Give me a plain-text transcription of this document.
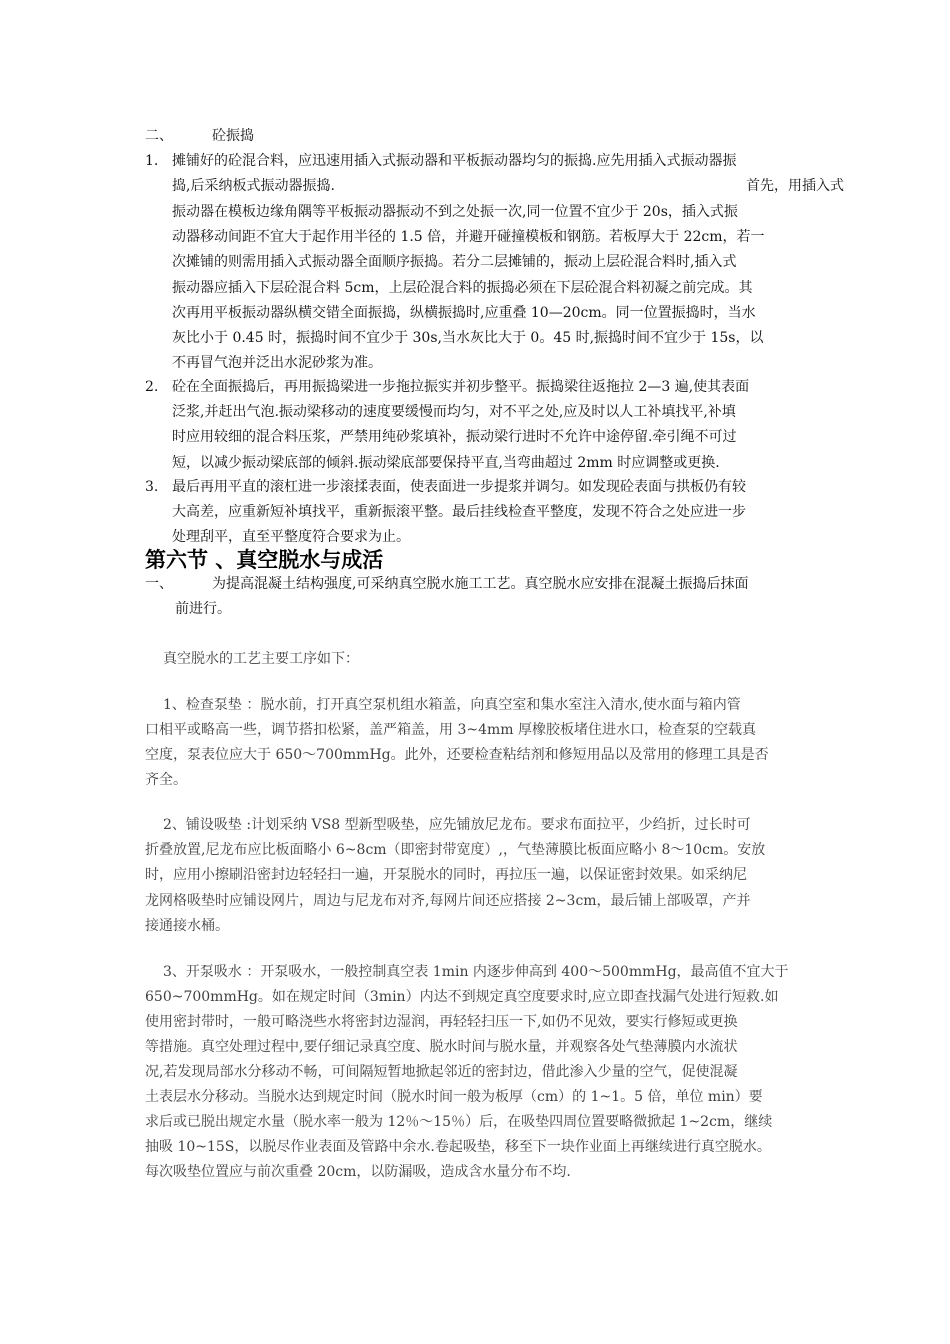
二、	砼振捣
1. 摊铺好的砼混合料，应迅速用插入式振动器和平板振动器均匀的振捣.应先用插入式振动器振
捣,后采纳板式振动器振捣.	首先，用插入式
振动器在模板边缘角隅等平板振动器振动不到之处振一次,同一位置不宜少于 20s，插入式振
动器移动间距不宜大于起作用半径的 1.5 倍，并避开碰撞模板和钢筋。若板厚大于 22cm，若一
次摊铺的则需用插入式振动器全面顺序振捣。若分二层摊铺的，振动上层砼混合料时,插入式
振动器应插入下层砼混合料 5cm，上层砼混合料的振捣必须在下层砼混合料初凝之前完成。其
次再用平板振动器纵横交错全面振捣，纵横振捣时,应重叠 10—20cm。同一位置振捣时，当水
灰比小于 0.45 时，振捣时间不宜少于 30s,当水灰比大于 0。45 时,振捣时间不宜少于 15s，以
不再冒气泡并泛出水泥砂浆为准。
2. 砼在全面振捣后，再用振捣梁进一步拖拉振实并初步整平。振捣梁往返拖拉 2—3 遍,使其表面
泛浆,并赶出气泡.振动梁移动的速度要缓慢而均匀，对不平之处,应及时以人工补填找平,补填
时应用较细的混合料压浆，严禁用纯砂浆填补，振动梁行进时不允许中途停留.牵引绳不可过
短，以减少振动梁底部的倾斜.振动梁底部要保持平直,当弯曲超过 2mm 时应调整或更换.
3. 最后再用平直的滚杠进一步滚揉表面，使表面进一步提浆并调匀。如发现砼表面与拱板仍有较
大高差，应重新短补填找平，重新振滚平整。最后挂线检查平整度，发现不符合之处应进一步
处理刮平，直至平整度符合要求为止。
第六节 、真空脱水与成活
一、	为提高混凝土结构强度,可采纳真空脱水施工工艺。真空脱水应安排在混凝土振捣后抹面
前进行。
真空脱水的工艺主要工序如下：
1、检查泵垫 ：脱水前，打开真空泵机组水箱盖，向真空室和集水室注入清水,使水面与箱内管
口相平或略高一些，调节搭扣松紧，盖严箱盖，用 3~4mm 厚橡胶板堵住进水口，检查泵的空载真
空度，泵表位应大于 650～700mmHg。此外，还要检查粘结剂和修短用品以及常用的修理工具是否
齐全。
2、铺设吸垫 :计划采纳 VS8 型新型吸垫，应先铺放尼龙布。要求布面拉平，少绉折，过长时可
折叠放置,尼龙布应比板面略小 6~8cm（即密封带宽度）,，气垫薄膜比板面应略小 8～10cm。安放
时，应用小擦刷沿密封边轻轻扫一遍，开泵脱水的同时，再拉压一遍，以保证密封效果。如采纳尼
龙网格吸垫时应铺设网片，周边与尼龙布对齐,每网片间还应搭接 2~3cm，最后铺上部吸罩，产并
接通接水桶。
3、开泵吸水 ：开泵吸水，一般控制真空表 1min 内逐步伸高到 400～500mmHg，最高值不宜大于
650~700mmHg。如在规定时间（3min）内达不到规定真空度要求时,应立即查找漏气处进行短救.如
使用密封带时，一般可略浇些水将密封边湿润，再轻轻扫压一下,如仍不见效，要实行修短或更换
等措施。真空处理过程中,要仔细记录真空度、脱水时间与脱水量，并观察各处气垫薄膜内水流状
况,若发现局部水分移动不畅，可间隔短暂地掀起邻近的密封边，借此渗入少量的空气，促使混凝
土表层水分移动。当脱水达到规定时间（脱水时间一般为板厚（cm）的 1~1。5 倍，单位 min）要
求后或已脱出规定水量（脱水率一般为 12％～15％）后，在吸垫四周位置要略微掀起 1~2cm，继续
抽吸 10~15S，以脱尽作业表面及管路中余水.卷起吸垫，移至下一块作业面上再继续进行真空脱水。
每次吸垫位置应与前次重叠 20cm，以防漏吸，造成含水量分布不均.
